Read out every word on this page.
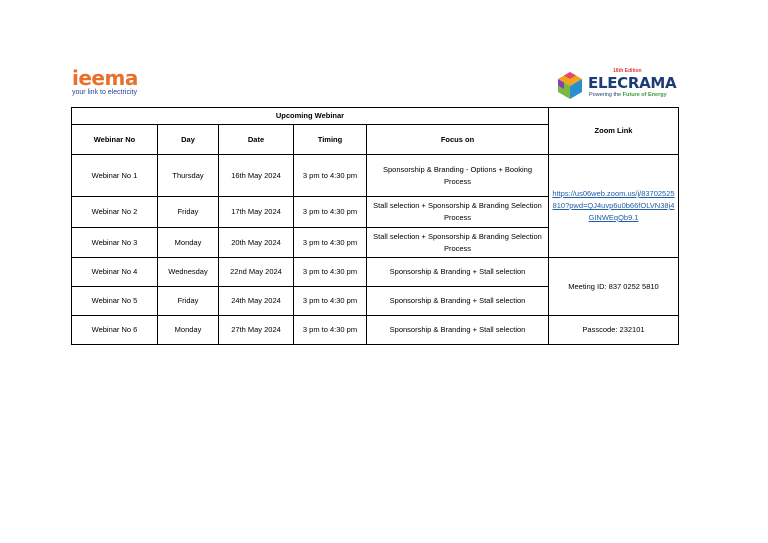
ieema
your link to electricity
16th Edition
ELECRAMA
Powering the Future of Energy
Upcoming Webinar					Zoom Link
Webinar No	Day	Date	Timing	Focus on	
Webinar No 1	Thursday	16th May 2024	3 pm to 4:30 pm	Sponsorship & Branding - Options + Booking Process	https://us06web.zoom.us/j/83702525810?pwd=QJ4uvp6u0b66fOLVN38j4GINWEqQb9.1
Webinar No 2	Friday	17th May 2024	3 pm to 4:30 pm	Stall selection + Sponsorship & Branding Selection Process	
Webinar No 3	Monday	20th May 2024	3 pm to 4:30 pm	Stall selection + Sponsorship & Branding Selection Process	
Webinar No 4	Wednesday	22nd May 2024	3 pm to 4:30 pm	Sponsorship & Branding + Stall selection	Meeting ID: 837 0252 5810
Webinar No 5	Friday	24th May 2024	3 pm to 4:30 pm	Sponsorship & Branding + Stall selection	
Webinar No 6	Monday	27th May 2024	3 pm to 4:30 pm	Sponsorship & Branding + Stall selection	Passcode: 232101
